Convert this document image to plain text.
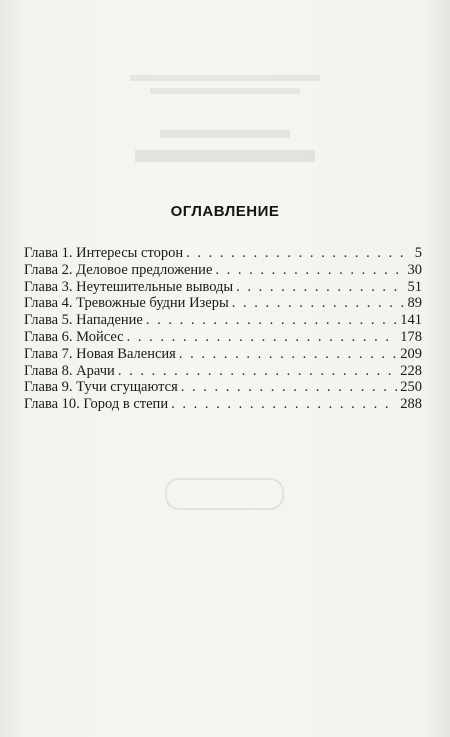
ОГЛАВЛЕНИЕ
Глава 1. Интересы сторон . . .	5
Глава 2. Деловое предложение . . .	30
Глава 3. Неутешительные выводы . . .	51
Глава 4. Тревожные будни Изеры . . .	89
Глава 5. Нападение . . .	141
Глава 6. Мойсес . . .	178
Глава 7. Новая Валенсия . . .	209
Глава 8. Арачи . . .	228
Глава 9. Тучи сгущаются . . .	250
Глава 10. Город в степи . . .	288
